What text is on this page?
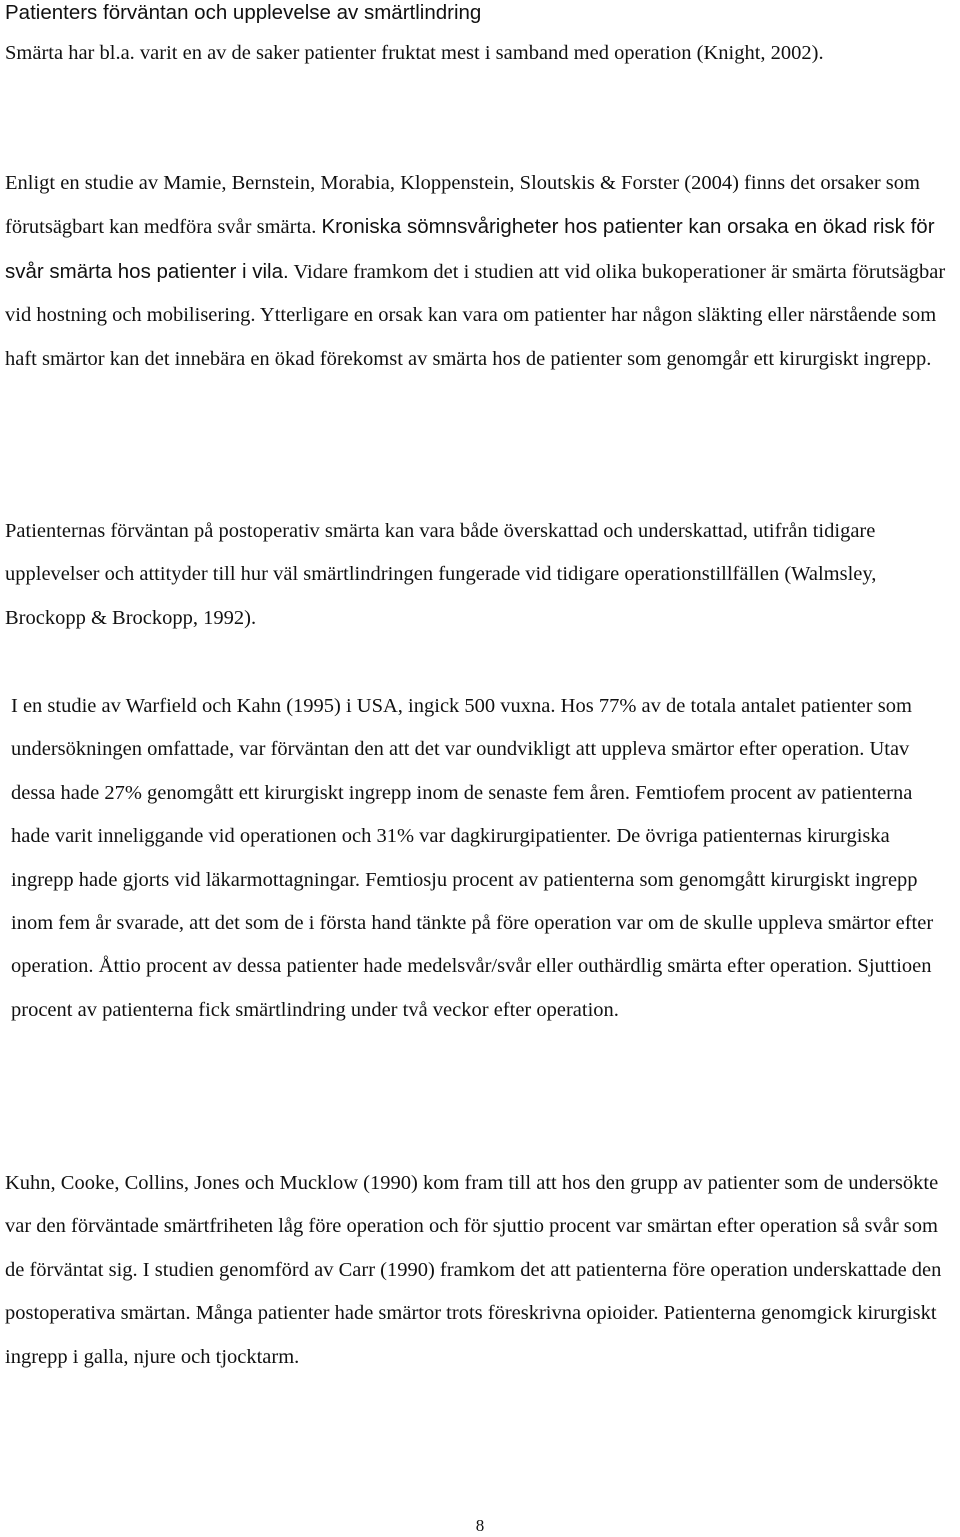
Patienters förväntan och upplevelse av smärtlindring

Smärta har bl.a. varit en av de saker patienter fruktat mest i samband med operation (Knight, 2002).

Enligt en studie av Mamie, Bernstein, Morabia, Kloppenstein, Sloutskis & Forster (2004) finns det orsaker som förutsägbart kan medföra svår smärta. Kroniska sömnsvårigheter hos patienter kan orsaka en ökad risk för svår smärta hos patienter i vila. Vidare framkom det i studien att vid olika bukoperationer är smärta förutsägbar vid hostning och mobilisering. Ytterligare en orsak kan vara om patienter har någon släkting eller närstående som haft smärtor kan det innebära en ökad förekomst av smärta hos de patienter som genomgår ett kirurgiskt ingrepp.

Patienternas förväntan på postoperativ smärta kan vara både överskattad och underskattad, utifrån tidigare upplevelser och attityder till hur väl smärtlindringen fungerade vid tidigare operationstillfällen (Walmsley, Brockopp & Brockopp, 1992).

I en studie av Warfield och Kahn (1995) i USA, ingick 500 vuxna. Hos 77% av de totala antalet patienter som undersökningen omfattade, var förväntan den att det var oundvikligt att uppleva smärtor efter operation. Utav dessa hade 27% genomgått ett kirurgiskt ingrepp inom de senaste fem åren. Femtiofem procent av patienterna hade varit inneliggande vid operationen och 31% var dagkirurgipatienter. De övriga patienternas kirurgiska ingrepp hade gjorts vid läkarmottagningar. Femtiosju procent av patienterna som genomgått kirurgiskt ingrepp inom fem år svarade, att det som de i första hand tänkte på före operation var om de skulle uppleva smärtor efter operation. Åttio procent av dessa patienter hade medelsvår/svår eller outhärdlig smärta efter operation. Sjuttioen procent av patienterna fick smärtlindring under två veckor efter operation.

Kuhn, Cooke, Collins, Jones och Mucklow (1990) kom fram till att hos den grupp av patienter som de undersökte var den förväntade smärtfriheten låg före operation och för sjuttio procent var smärtan efter operation så svår som de förväntat sig. I studien genomförd av Carr (1990) framkom det att patienterna före operation underskattade den postoperativa smärtan. Många patienter hade smärtor trots föreskrivna opioider. Patienterna genomgick kirurgiskt ingrepp i galla, njure och tjocktarm.

8
